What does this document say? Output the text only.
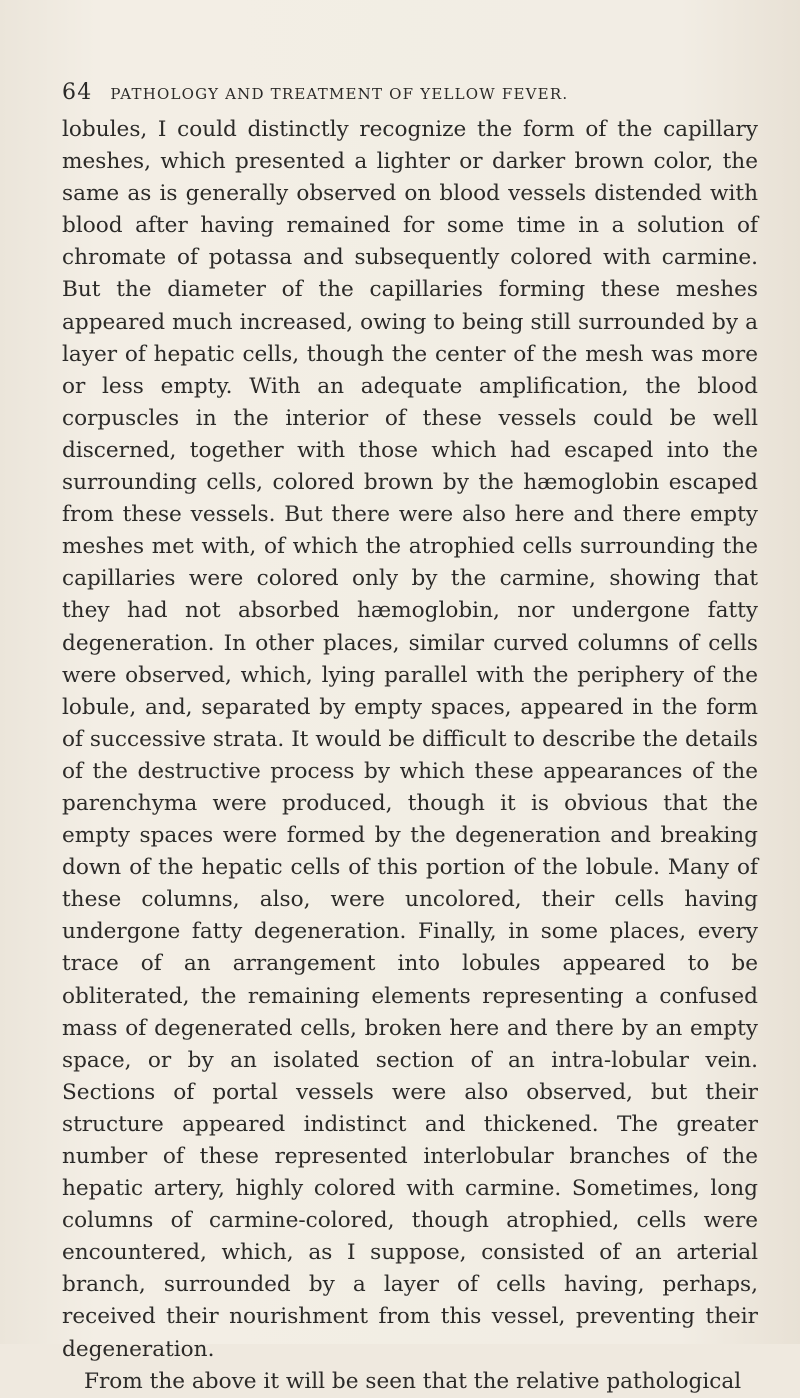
64 PATHOLOGY AND TREATMENT OF YELLOW FEVER.

lobules, I could distinctly recognize the form of the capillary meshes, which presented a lighter or darker brown color, the same as is generally observed on blood vessels distended with blood after having remained for some time in a solution of chromate of potassa and subsequently colored with carmine. But the diameter of the capillaries forming these meshes appeared much increased, owing to being still surrounded by a layer of hepatic cells, though the center of the mesh was more or less empty. With an adequate amplification, the blood corpuscles in the interior of these vessels could be well discerned, together with those which had escaped into the surrounding cells, colored brown by the hæmoglobin escaped from these vessels. But there were also here and there empty meshes met with, of which the atrophied cells surrounding the capillaries were colored only by the carmine, showing that they had not absorbed hæmoglobin, nor undergone fatty degeneration. In other places, similar curved columns of cells were observed, which, lying parallel with the periphery of the lobule, and, separated by empty spaces, appeared in the form of successive strata. It would be difficult to describe the details of the destructive process by which these appearances of the parenchyma were produced, though it is obvious that the empty spaces were formed by the degeneration and breaking down of the hepatic cells of this portion of the lobule. Many of these columns, also, were uncolored, their cells having undergone fatty degeneration. Finally, in some places, every trace of an arrangement into lobules appeared to be obliterated, the remaining elements representing a confused mass of degenerated cells, broken here and there by an empty space, or by an isolated section of an intra-lobular vein. Sections of portal vessels were also observed, but their structure appeared indistinct and thickened. The greater number of these represented interlobular branches of the hepatic artery, highly colored with carmine. Sometimes, long columns of carmine-colored, though atrophied, cells were encountered, which, as I suppose, consisted of an arterial branch, surrounded by a layer of cells having, perhaps, received their nourishment from this vessel, preventing their degeneration.

From the above it will be seen that the relative pathological
